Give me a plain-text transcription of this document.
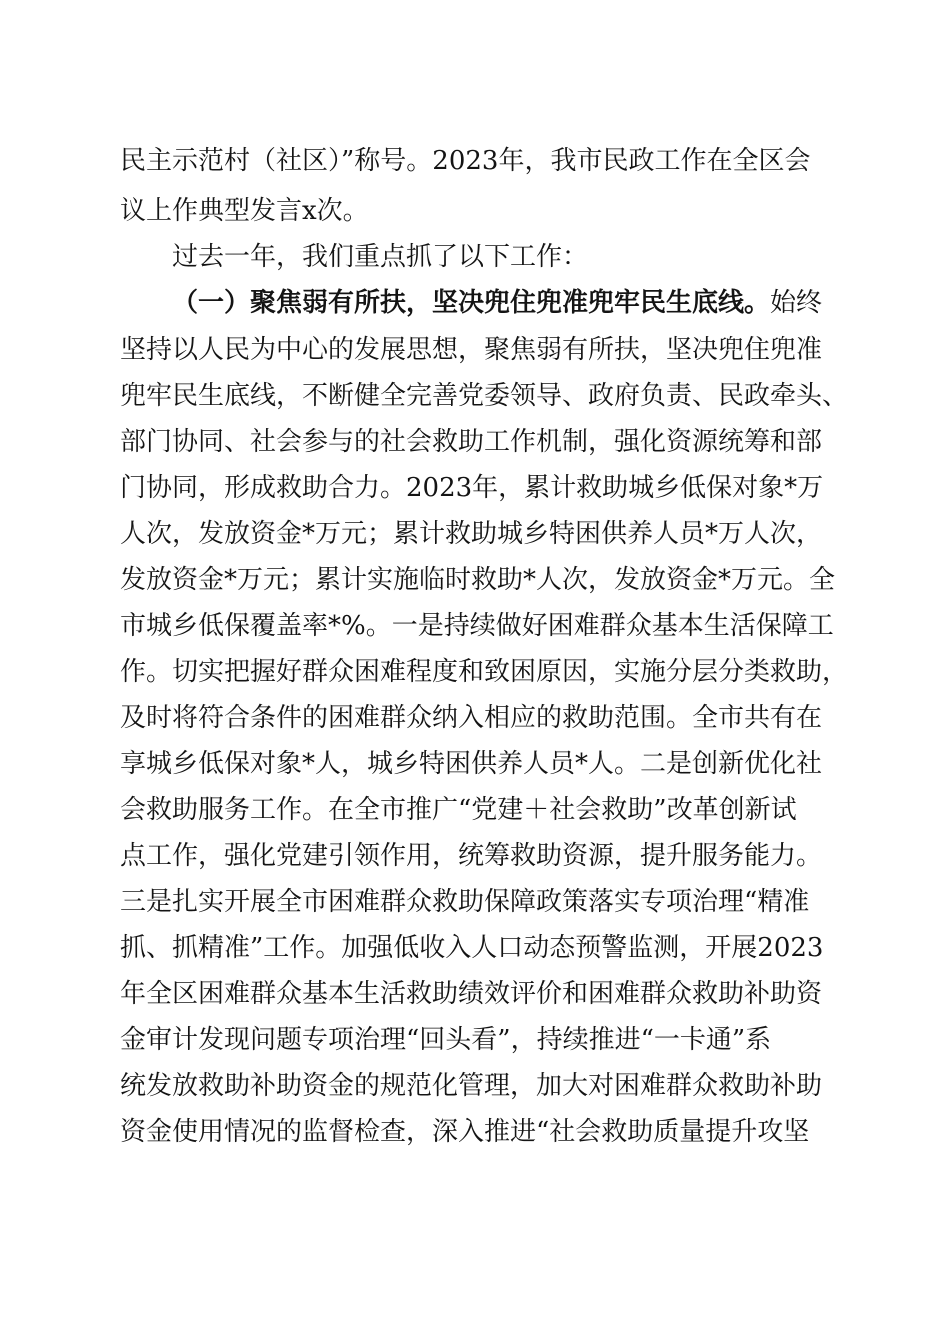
民主示范村（社区）”称号。2023年，我市民政工作在全区会
议上作典型发言x次。
过去一年，我们重点抓了以下工作：
（一）聚焦弱有所扶，坚决兜住兜准兜牢民生底线。始终
坚持以人民为中心的发展思想，聚焦弱有所扶，坚决兜住兜准
兜牢民生底线，不断健全完善党委领导、政府负责、民政牵头、
部门协同、社会参与的社会救助工作机制，强化资源统筹和部
门协同，形成救助合力。2023年，累计救助城乡低保对象*万
人次，发放资金*万元；累计救助城乡特困供养人员*万人次，
发放资金*万元；累计实施临时救助*人次，发放资金*万元。全
市城乡低保覆盖率*%。一是持续做好困难群众基本生活保障工
作。切实把握好群众困难程度和致困原因，实施分层分类救助，
及时将符合条件的困难群众纳入相应的救助范围。全市共有在
享城乡低保对象*人，城乡特困供养人员*人。二是创新优化社
会救助服务工作。在全市推广“党建＋社会救助”改革创新试
点工作，强化党建引领作用，统筹救助资源，提升服务能力。
三是扎实开展全市困难群众救助保障政策落实专项治理“精准
抓、抓精准”工作。加强低收入人口动态预警监测，开展2023
年全区困难群众基本生活救助绩效评价和困难群众救助补助资
金审计发现问题专项治理“回头看”，持续推进“一卡通”系
统发放救助补助资金的规范化管理，加大对困难群众救助补助
资金使用情况的监督检查，深入推进“社会救助质量提升攻坚
